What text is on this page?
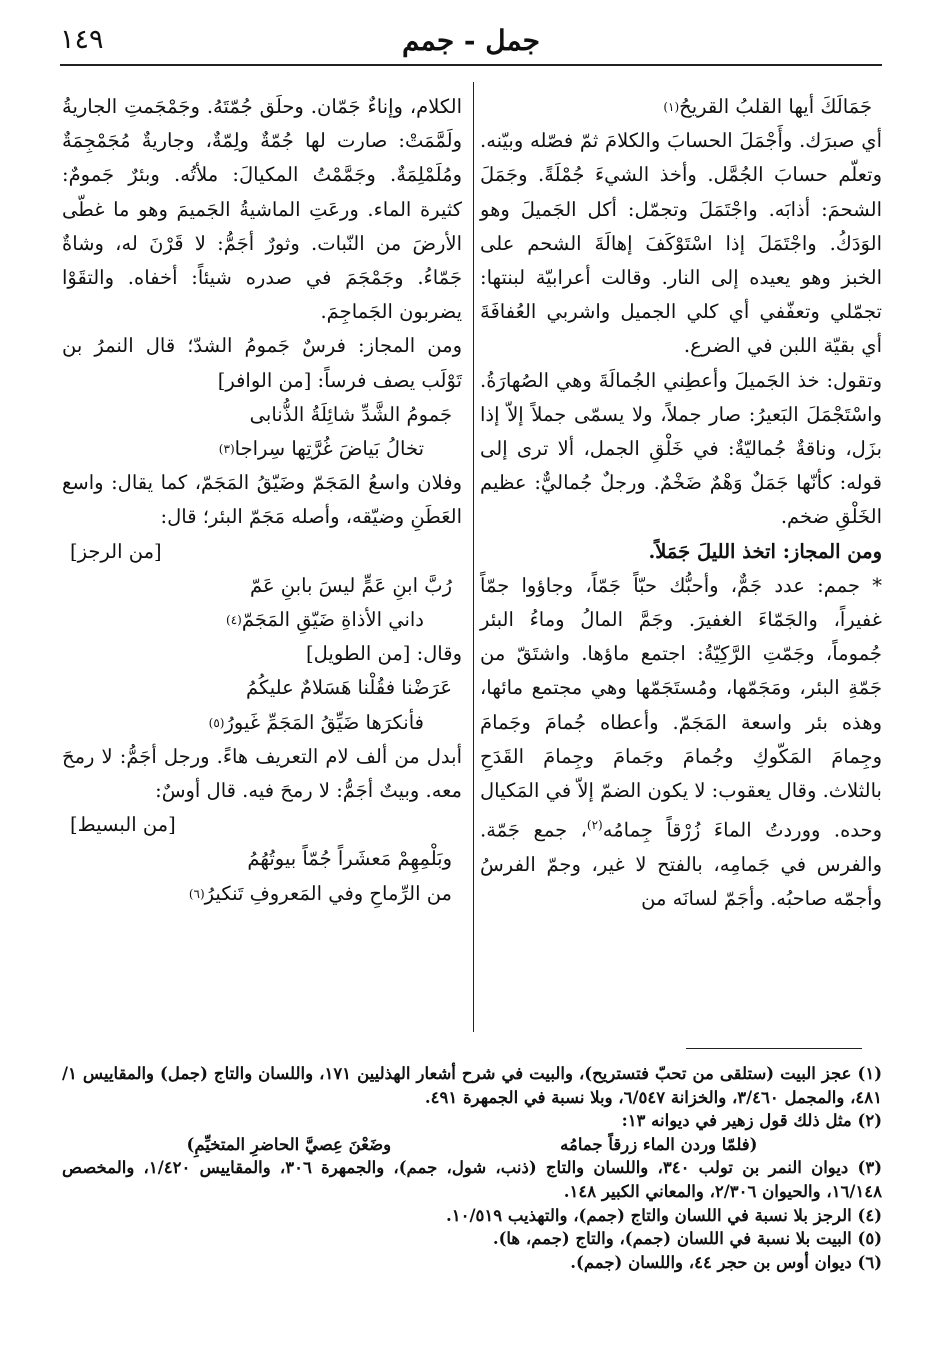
جمل - جمم
١٤٩
جَمَالَكَ أيها القلبُ القريحُ
(١)

أي صبرَك. وأَجْمَلَ الحسابَ والكلامَ ثمّ فصّله وبيّنه. وتعلّم حسابَ الجُمَّل. وأخذ الشيءَ جُمْلَةً. وجَمَلَ الشحمَ: أذابَه. واجْتَمَلَ وتجمّل: أكل الجَميلَ وهو الوَدَكُ. واجْتَمَلَ إذا اسْتَوْكَفَ إهالَةَ الشحم على الخبز وهو يعيده إلى النار. وقالت أعرابيّة لبنتها: تجمّلي وتعفّفي أي كلي الجميل واشربي العُفافَةَ أي بقيّة اللبن في الضرع.

وتقول: خذ الجَميلَ وأعطِني الجُمالَةَ وهي الصُهارَةُ. واسْتَجْمَلَ البَعيرُ: صار جملاً، ولا يسمّى جملاً إلاّ إذا بزَل، وناقةٌ جُماليّةٌ: في خَلْقِ الجمل، ألا ترى إلى قوله: كأنّها جَمَلٌ وَهْمٌ ضَخْمٌ. ورجلٌ جُماليٌّ: عظيم الخَلْقِ ضخم.

ومن المجاز: اتخذ الليلَ جَمَلاً.

* جمم: عدد جَمٌّ، وأحبُّك حبّاً جَمّاً، وجاؤوا جمّاً غفيراً، والجَمّاءَ الغفيرَ. وجَمَّ المالُ وماءُ البئر جُموماً، وجَمّتِ الرَّكِيّةُ: اجتمع ماؤها. واشتَقّ من جَمّةِ البئر، ومَجَمّها، ومُستَجَمّها وهي مجتمع مائها، وهذه بئر واسعة المَجَمّ. وأعطاه جُمامَ وجَمامَ وجِمامَ المَكّوكِ وجُمامَ وجَمامَ وجِمامَ القَدَحِ بالثلاث. وقال يعقوب: لا يكون الضمّ إلاّ في المَكيال وحده. ووردتُ الماءَ زُرْقاً جِمامُه$^{(٢)}$، جمع جَمّة. والفرس في جَمامِه، بالفتح لا غير، وجمّ الفرسُ وأجمّه صاحبُه. وأجَمّ لسانَه من

الكلام، وإناءٌ جَمّان. وحلَق جُمّتَهُ. وجَمْجَمتِ الجاريةُ ولَمَّمَتْ: صارت لها جُمّةٌ ولِمّةٌ، وجاريةٌ مُجَمْجِمَةٌ ومُلَمْلِمَةٌ. وجَمَّمْتُ المكيالَ: ملأتُه. وبئرٌ جَمومٌ: كثيرة الماء. ورعَتِ الماشيةُ الجَميمَ وهو ما غطّى الأرضَ من النّبات. وثورٌ أجَمُّ: لا قَرْنَ له، وشاةٌ جَمّاءُ. وجَمْجَمَ في صدره شيئاً: أخفاه. والتقَوْا يضربون الجَماجِمَ.

ومن المجاز: فرسٌ جَمومُ الشدّ؛ قال النمرُ بن تَوْلَب يصف فرساً: [من الوافر]

جَمومُ الشَّدِّ شائِلَةُ الذُّنابى
تخالُ بَياضَ غُرَّتِها سِراجا
(٣)

وفلان واسعُ المَجَمّ وضَيّقُ المَجَمّ، كما يقال: واسع العَطَنِ وضيّقه، وأصله مَجَمّ البئر؛ قال:

[من الرجز]

رُبَّ ابنِ عَمٍّ ليسَ بابنِ عَمّ
داني الأذاةِ ضَيّقِ المَجَمّ
(٤)

وقال: [من الطويل]

عَرَضْنا فقُلْنا هَسَلامٌ عليكُمُ
فأنكرَها ضَيِّقُ المَجَمِّ غَيورُ
(٥)

أبدل من ألف لام التعريف هاءً. ورجل أجَمُّ: لا رمحَ معه. وبيتٌ أجَمُّ: لا رمحَ فيه. قال أوسٌ:

[من البسيط]

وبَلْمِهِمْ مَعشَراً جُمّاً بيوتُهُمُ
من الرِّماحِ وفي المَعروفِ تَنكيرُ
(٦)

(١) عجز البيت (ستلقى من تحبّ فتستريح)، والبيت في شرح أشعار الهذليين ١٧١، واللسان والتاج (جمل) والمقاييس ١/ ٤٨١، والمجمل ٣/٤٦٠، والخزانة ٦/٥٤٧، وبلا نسبة في الجمهرة ٤٩١.

(٢) مثل ذلك قول زهير في ديوانه ١٣:

(فلمّا وردن الماء زرقاً جمامُه
وضَعْنَ عِصيَّ الحاضرِ المتخيِّمِ)

(٣) ديوان النمر بن تولب ٣٤٠، واللسان والتاج (ذنب، شول، جمم)، والجمهرة ٣٠٦، والمقاييس ١/٤٢٠، والمخصص ١٦/١٤٨، والحيوان ٢/٣٠٦، والمعاني الكبير ١٤٨.

(٤) الرجز بلا نسبة في اللسان والتاج (جمم)، والتهذيب ١٠/٥١٩.

(٥) البيت بلا نسبة في اللسان (جمم)، والتاج (جمم، ها).

(٦) ديوان أوس بن حجر ٤٤، واللسان (جمم).
